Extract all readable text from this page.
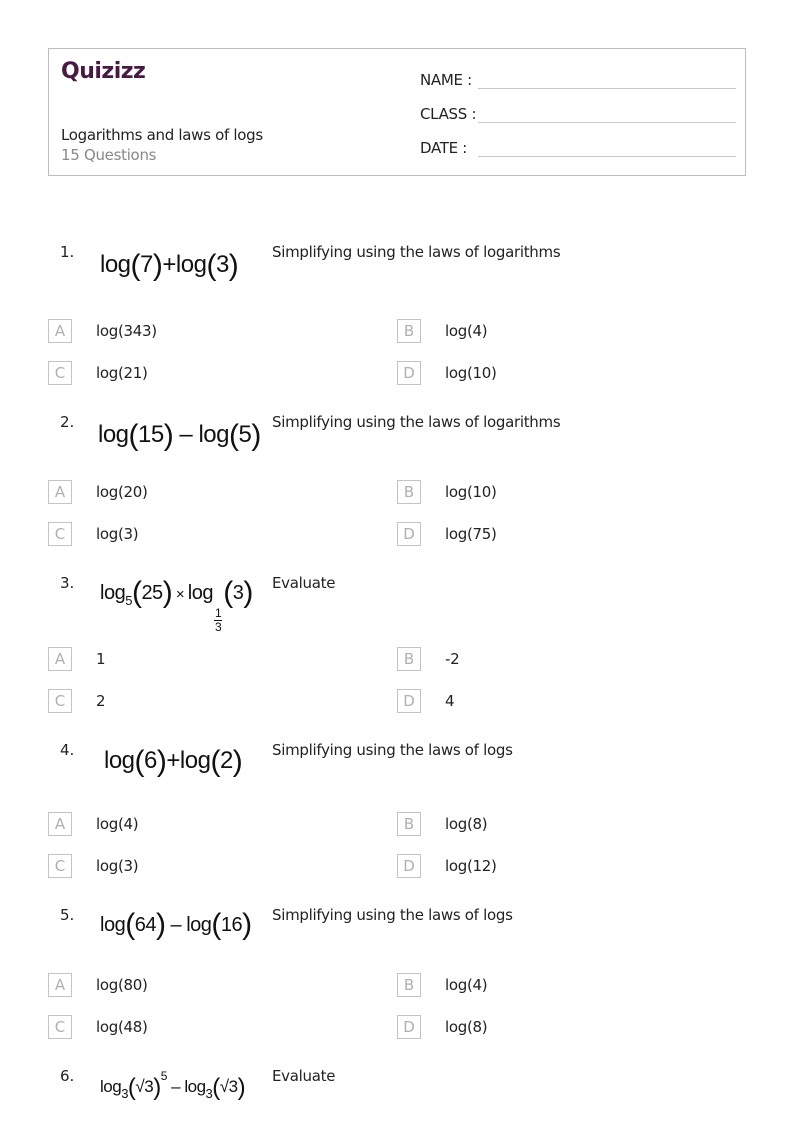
Quizizz
Logarithms and laws of logs
15 Questions
NAME :
CLASS :
DATE :
1. log(7)+log(3) Simplifying using the laws of logarithms
A	log(343)	B	log(4)
C	log(21)	D	log(10)
2. log(15) – log(5) Simplifying using the laws of logarithms
A	log(20)	B	log(10)
C	log(3)	D	log(75)
3. $\log_5(25) \times \log$
$\frac{1}{3}$
(3) Evaluate
A	1	B	-2
C	2	D	4
4. log(6)+log(2) Simplifying using the laws of logs
A	log(4)	B	log(8)
C	log(3)	D	log(12)
5. log(64) – log(16) Simplifying using the laws of logs
A	log(80)	B	log(4)
C	log(48)	D	log(8)
6.
$\log_3(√3)^5 - \log_3(√3)$ Evaluate
